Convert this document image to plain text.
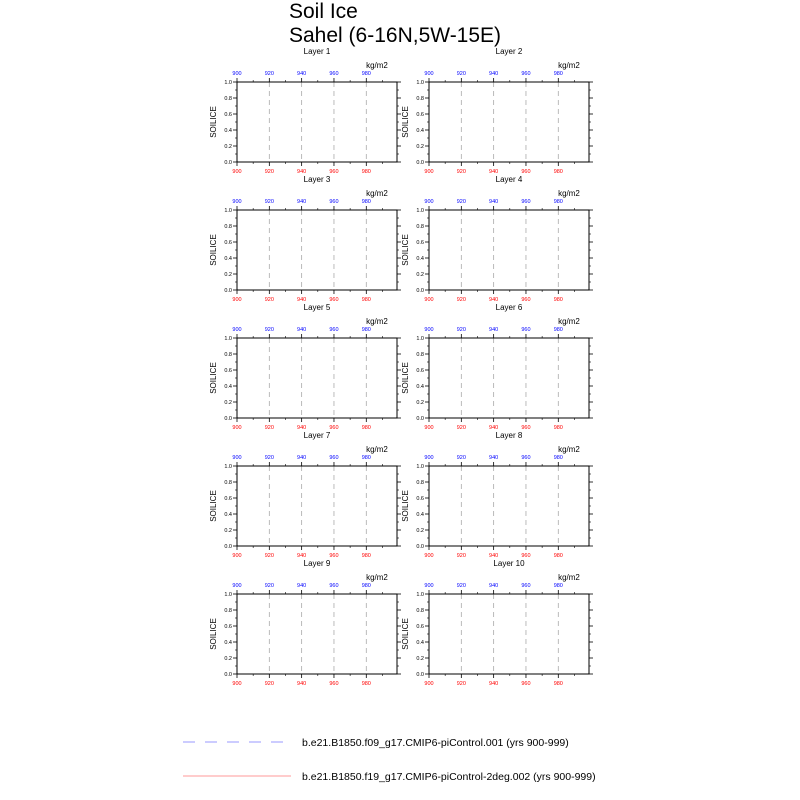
Soil Ice
Sahel (6-16N,5W-15E)
0.0
0.2
0.4
0.6
0.8
1.0
900
900
920
920
940
940
960
960
980
980
SOILICE
Layer 1
kg/m2
0.0
0.2
0.4
0.6
0.8
1.0
900
900
920
920
940
940
960
960
980
980
SOILICE
Layer 2
kg/m2
0.0
0.2
0.4
0.6
0.8
1.0
900
900
920
920
940
940
960
960
980
980
SOILICE
Layer 3
kg/m2
0.0
0.2
0.4
0.6
0.8
1.0
900
900
920
920
940
940
960
960
980
980
SOILICE
Layer 4
kg/m2
0.0
0.2
0.4
0.6
0.8
1.0
900
900
920
920
940
940
960
960
980
980
SOILICE
Layer 5
kg/m2
0.0
0.2
0.4
0.6
0.8
1.0
900
900
920
920
940
940
960
960
980
980
SOILICE
Layer 6
kg/m2
0.0
0.2
0.4
0.6
0.8
1.0
900
900
920
920
940
940
960
960
980
980
SOILICE
Layer 7
kg/m2
0.0
0.2
0.4
0.6
0.8
1.0
900
900
920
920
940
940
960
960
980
980
SOILICE
Layer 8
kg/m2
0.0
0.2
0.4
0.6
0.8
1.0
900
900
920
920
940
940
960
960
980
980
SOILICE
Layer 9
kg/m2
0.0
0.2
0.4
0.6
0.8
1.0
900
900
920
920
940
940
960
960
980
980
SOILICE
Layer 10
kg/m2
b.e21.B1850.f09_g17.CMIP6-piControl.001 (yrs 900-999)
b.e21.B1850.f19_g17.CMIP6-piControl-2deg.002 (yrs 900-999)
